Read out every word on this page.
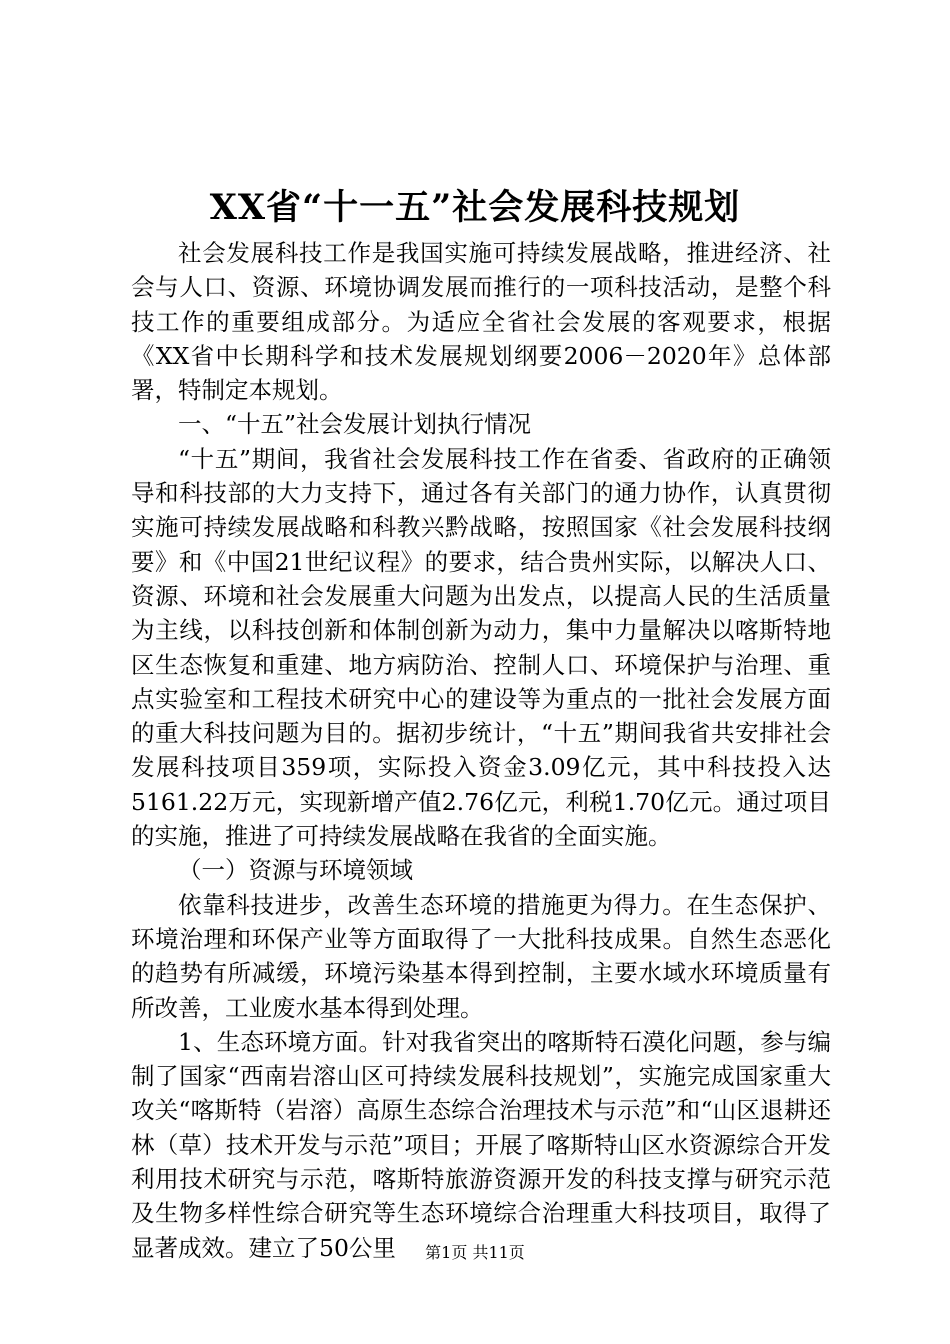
XX省“十一五”社会发展科技规划

社会发展科技工作是我国实施可持续发展战略，推进经济、社会与人口、资源、环境协调发展而推行的一项科技活动，是整个科技工作的重要组成部分。为适应全省社会发展的客观要求，根据《XX省中长期科学和技术发展规划纲要2006－2020年》总体部署，特制定本规划。

一、“十五”社会发展计划执行情况

“十五”期间，我省社会发展科技工作在省委、省政府的正确领导和科技部的大力支持下，通过各有关部门的通力协作，认真贯彻实施可持续发展战略和科教兴黔战略，按照国家《社会发展科技纲要》和《中国21世纪议程》的要求，结合贵州实际，以解决人口、资源、环境和社会发展重大问题为出发点，以提高人民的生活质量为主线，以科技创新和体制创新为动力，集中力量解决以喀斯特地区生态恢复和重建、地方病防治、控制人口、环境保护与治理、重点实验室和工程技术研究中心的建设等为重点的一批社会发展方面的重大科技问题为目的。据初步统计，“十五”期间我省共安排社会发展科技项目359项，实际投入资金3.09亿元，其中科技投入达5161.22万元，实现新增产值2.76亿元，利税1.70亿元。通过项目的实施，推进了可持续发展战略在我省的全面实施。

（一）资源与环境领域

依靠科技进步，改善生态环境的措施更为得力。在生态保护、环境治理和环保产业等方面取得了一大批科技成果。自然生态恶化的趋势有所减缓，环境污染基本得到控制，主要水域水环境质量有所改善，工业废水基本得到处理。

1、生态环境方面。针对我省突出的喀斯特石漠化问题，参与编制了国家“西南岩溶山区可持续发展科技规划”，实施完成国家重大攻关“喀斯特（岩溶）高原生态综合治理技术与示范”和“山区退耕还林（草）技术开发与示范”项目；开展了喀斯特山区水资源综合开发利用技术研究与示范，喀斯特旅游资源开发的科技支撑与研究示范及生物多样性综合研究等生态环境综合治理重大科技项目，取得了显著成效。建立了50公里	第1页 共11页
